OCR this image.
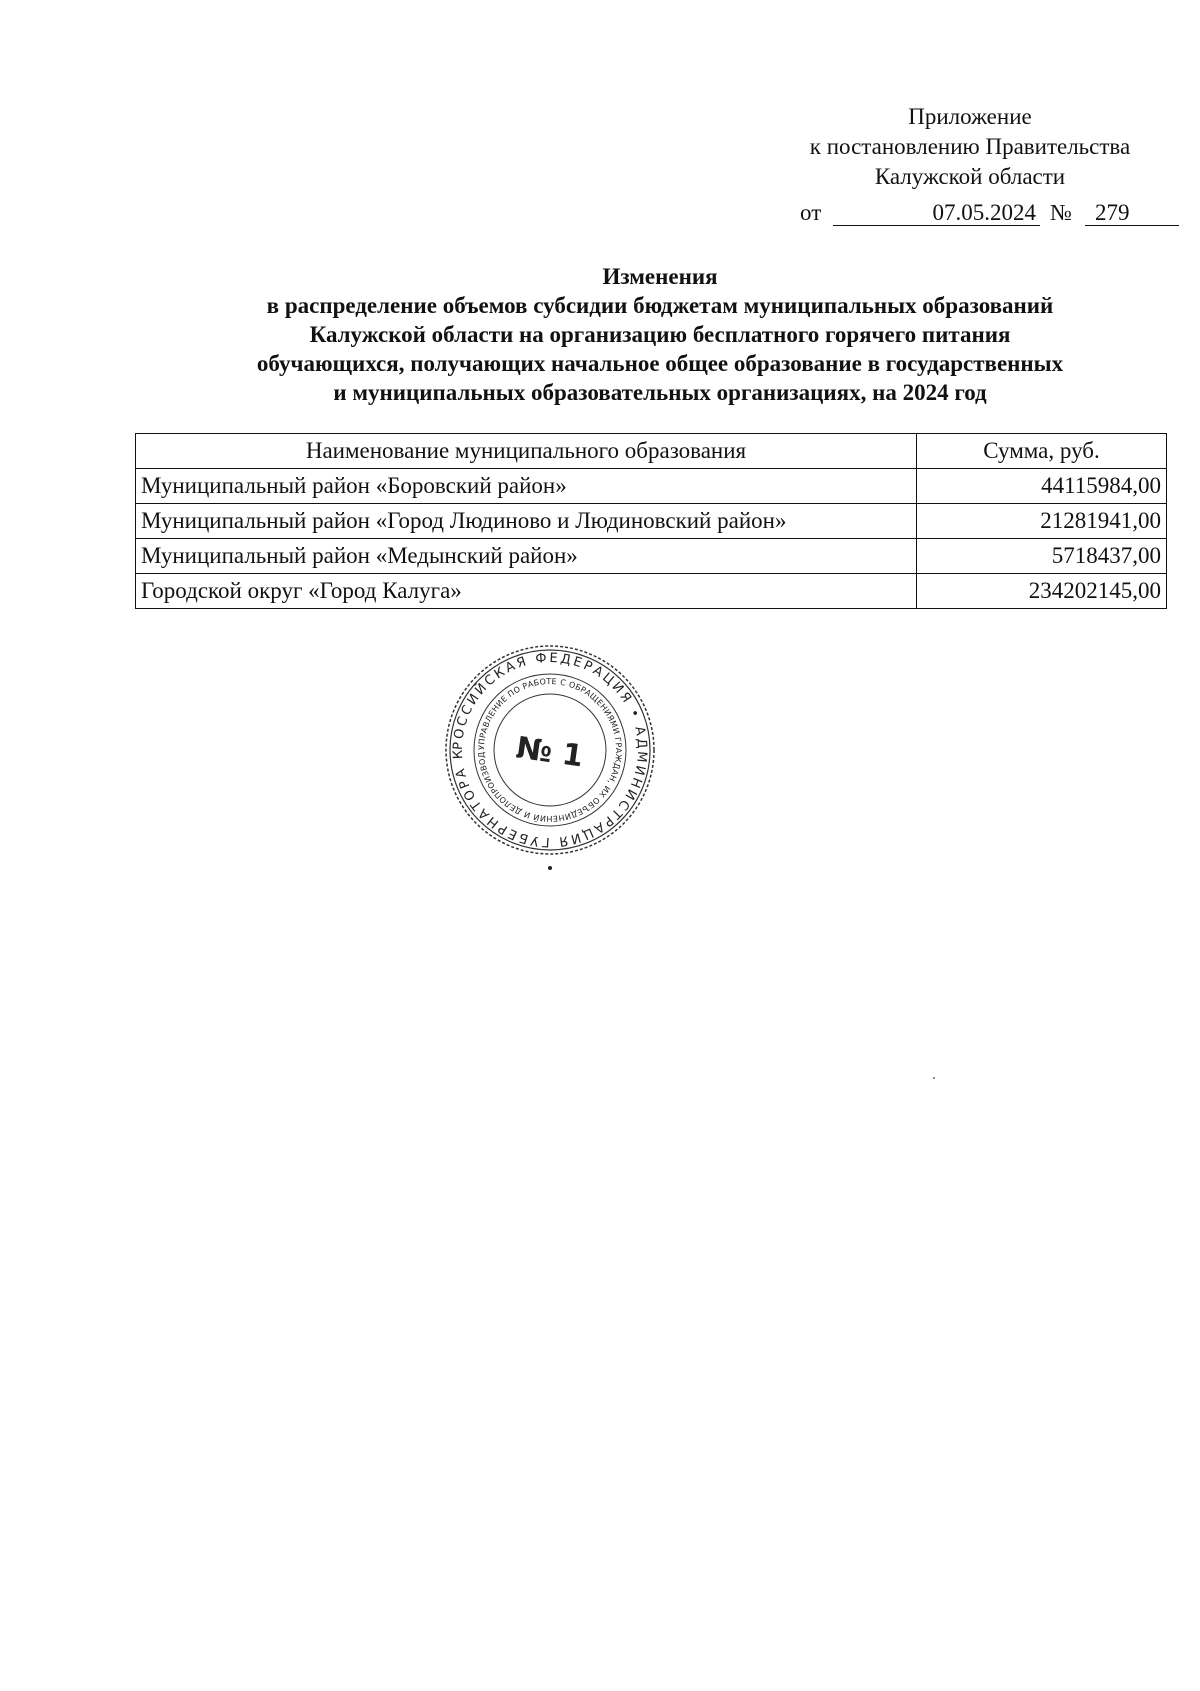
Приложение
к постановлению Правительства
Калужской области
от	07.05.2024 №	279
Изменения
в распределение объемов субсидии бюджетам муниципальных образований
Калужской области на организацию бесплатного горячего питания
обучающихся, получающих начальное общее образование в государственных
и муниципальных образовательных организациях, на 2024 год
Наименование муниципального образования	Сумма, руб.
Муниципальный район «Боровский район»	44115984,00
Муниципальный район «Город Людиново и Людиновский район»	21281941,00
Муниципальный район «Медынский район»	5718437,00
Городской округ «Город Калуга»	234202145,00
РОССИЙСКАЯ ФЕДЕРАЦИЯ • АДМИНИСТРАЦИЯ ГУБЕРНАТОРА К	УПРАВЛЕНИЕ ПО РАБОТЕ С ОБРАЩЕНИЯМИ ГРАЖДАН, ИХ ОБЪЕДИНЕНИЙ И ДЕЛОПРОИЗВОД № 1
